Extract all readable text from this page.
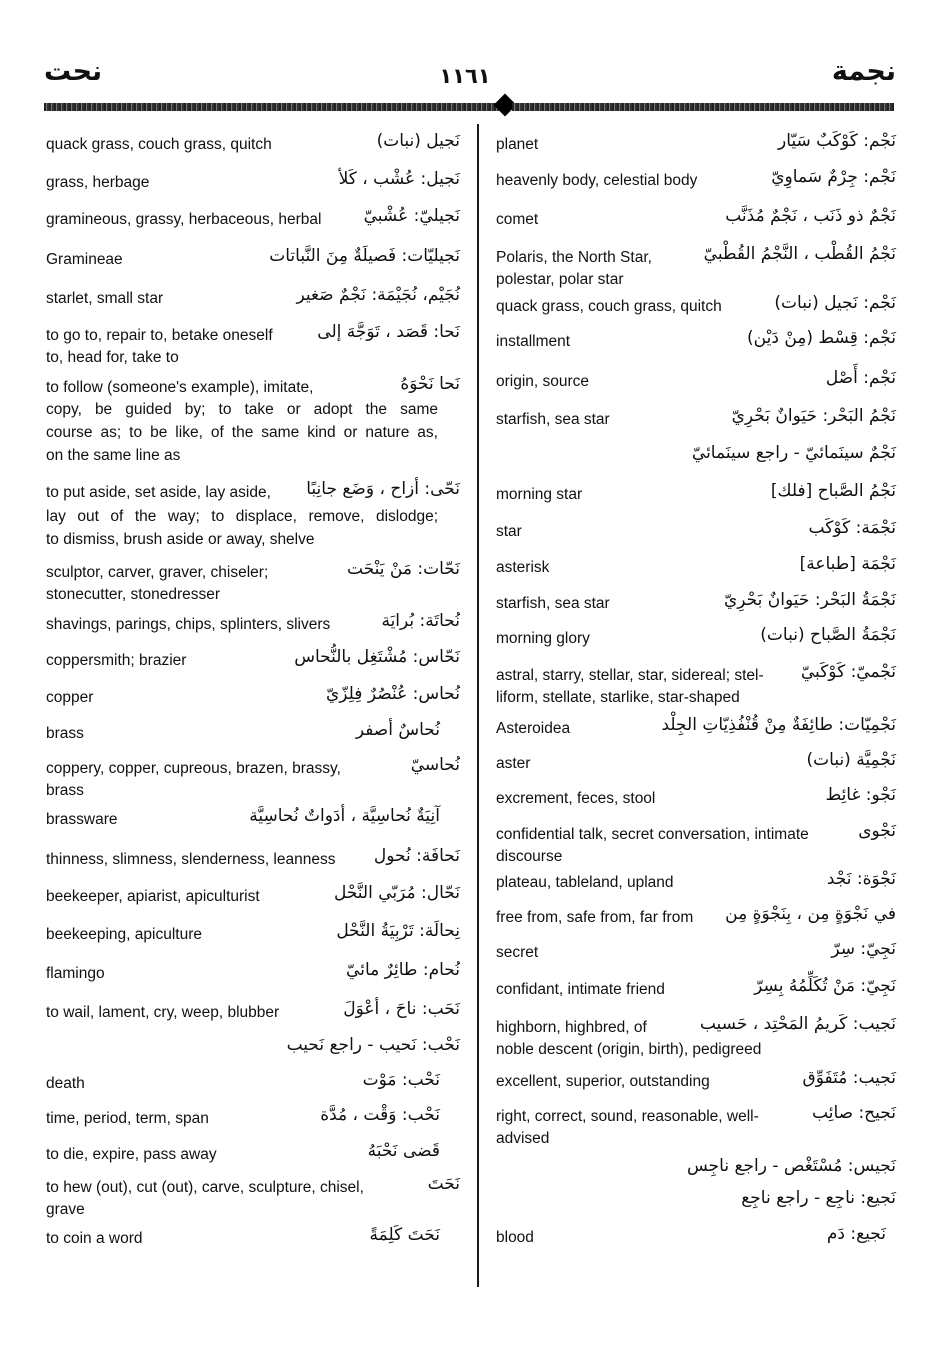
نحت	١١٦١	نجمة
نَجيل (نبات)
quack grass, couch grass, quitch
نَجيل: عُشْب ، كَلأ
grass, herbage
نَجيليّ: عُشْبيّ
gramineous, grassy, herbaceous, herbal
نَجيليّات: فَصيلَةٌ مِنَ النَّباتات
Gramineae
نُجَيْم، نُجَيْمَة: نَجْمٌ صَغير
starlet, small star
نَحا: قَصَد ، تَوَجَّهَ إلى
to go to, repair to, betake oneself
to, head for, take to
نَحا نَحْوَهُ
to follow (someone's example), imitate,
copy, be guided by; to take or adopt the same
course as; to be like, of the same kind or nature as,
on the same line as
نَحّى: أزاح ، وَضَع جانِبًا
to put aside, set aside, lay aside,
lay out of the way; to displace, remove, dislodge;
to dismiss, brush aside or away, shelve
نَحّات: مَنْ يَنْحَت
sculptor, carver, graver, chiseler;
stonecutter, stonedresser
نُحاتَة: بُرايَة
shavings, parings, chips, splinters, slivers
نَحّاس: مُشْتَغِل بالنُّحاس
coppersmith; brazier
نُحاس: عُنْصُرٌ فِلِزّيّ
copper
نُحاسٌ أصفر
brass
نُحاسيّ
coppery, copper, cupreous, brazen, brassy,
brass
آنِيَةٌ نُحاسِيَّة ، أدَواتٌ نُحاسِيَّة
brassware
نَحافَة: نُحول
thinness, slimness, slenderness, leanness
نَحّال: مُرَبّي النَّحْل
beekeeper, apiarist, apiculturist
نِحالَة: تَرْبِيَةُ النَّحْل
beekeeping, apiculture
نُحام: طائِرٌ مائيّ
flamingo
نَحَب: ناحَ ، أعْوَلَ
to wail, lament, cry, weep, blubber
نَحْب: نَحيب - راجع نَحيب
نَحْب: مَوْت
death
نَحْب: وَقْت ، مُدَّة
time, period, term, span
قَضى نَحْبَهُ
to die, expire, pass away
نَحَتَ
to hew (out), cut (out), carve, sculpture, chisel,
grave
نَحَتَ كَلِمَةً
to coin a word
نَجْم: كَوْكَبٌ سَيّار
planet
نَجْم: جِرْمٌ سَماوِيّ
heavenly body, celestial body
نَجْمٌ ذو ذَنَب ، نَجْمٌ مُذَنَّب
comet
نَجْمُ القُطْب ، النَّجْمُ القُطْبيّ
Polaris, the North Star,
polestar, polar star
نَجْم: نَجيل (نبات)
quack grass, couch grass, quitch
نَجْم: قِسْط (مِنْ دَيْن)
installment
نَجْم: أَصْل
origin, source
نَجْمُ البَحْر: حَيَوانٌ بَحْرِيّ
starfish, sea star
نَجْمٌ سينَمائيّ - راجع سينَمائيّ
نَجْمُ الصَّباح [فلك]
morning star
نَجْمَة: كَوْكَب
star
نَجْمَة [طباعة]
asterisk
نَجْمَةُ البَحْر: حَيَوانٌ بَحْرِيّ
starfish, sea star
نَجْمَةُ الصَّباح (نبات)
morning glory
نَجْميّ: كَوْكَبيّ
astral, starry, stellar, star, sidereal; stel-
liform, stellate, starlike, star-shaped
نَجْمِيّات: طائِفَةٌ مِنْ قُنْفُذِيّاتِ الجِلْد
Asteroidea
نَجْمِيَّة (نبات)
aster
نَجْو: غائِط
excrement, feces, stool
نَجْوى
confidential talk, secret conversation, intimate
discourse
نَجْوَة: نَجْد
plateau, tableland, upland
في نَجْوَةٍ مِن ، بِنَجْوَةٍ مِن
free from, safe from, far from
نَجِيّ: سِرّ
secret
نَجِيّ: مَنْ تُكَلِّمُهُ بِسِرّ
confidant, intimate friend
نَجيب: كَريمُ المَحْتِد ، حَسيب
highborn, highbred, of
noble descent (origin, birth), pedigreed
نَجيب: مُتَفَوِّق
excellent, superior, outstanding
نَجيح: صائِب
right, correct, sound, reasonable, well-
advised
نَجيس: مُسْتَغْص - راجع ناجِس
نَجيع: ناجِع - راجع ناجِع
نَجيع: دَم
blood
